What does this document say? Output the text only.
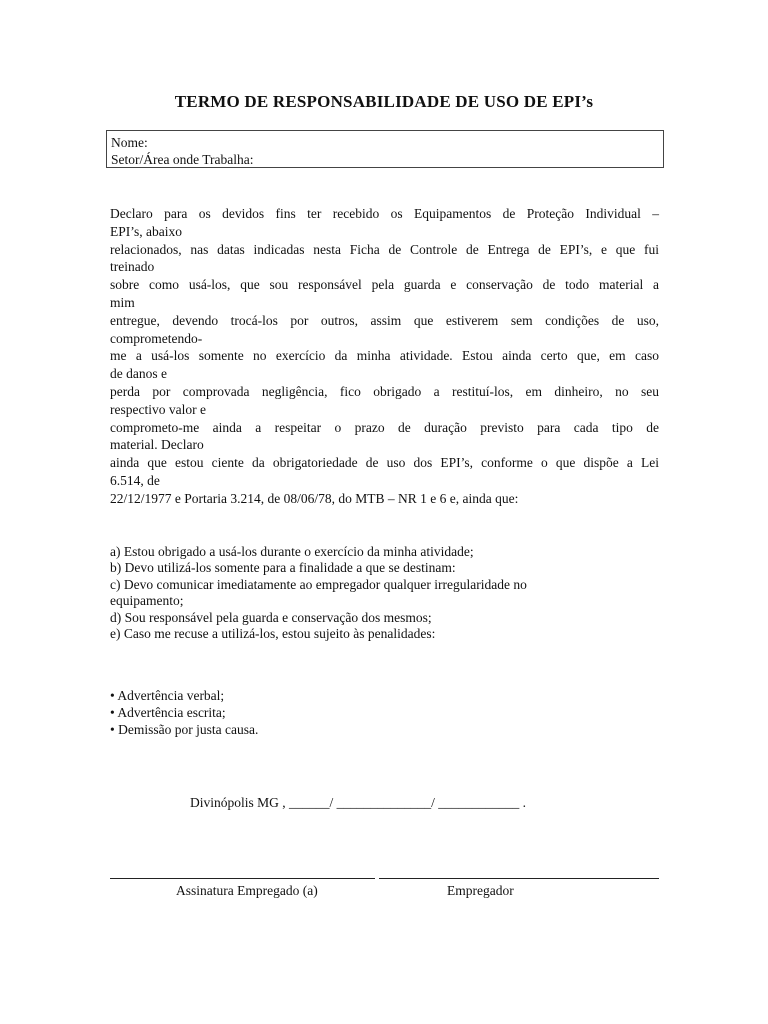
TERMO DE RESPONSABILIDADE DE USO DE EPI’s
Nome:
Setor/Área onde Trabalha:
Declaro para os devidos fins ter recebido os Equipamentos de Proteção Individual –
EPI’s, abaixo
relacionados, nas datas indicadas nesta Ficha de Controle de Entrega de EPI’s, e que fui
treinado
sobre como usá-los, que sou responsável pela guarda e conservação de todo material a
mim
entregue, devendo trocá-los por outros, assim que estiverem sem condições de uso,
comprometendo-
me a usá-los somente no exercício da minha atividade. Estou ainda certo que, em caso
de danos e
perda por comprovada negligência, fico obrigado a restituí-los, em dinheiro, no seu
respectivo valor e
comprometo-me ainda a respeitar o prazo de duração previsto para cada tipo de
material. Declaro
ainda que estou ciente da obrigatoriedade de uso dos EPI’s, conforme o que dispõe a Lei
6.514, de
22/12/1977 e Portaria 3.214, de 08/06/78, do MTB – NR 1 e 6 e, ainda que:
a) Estou obrigado a usá-los durante o exercício da minha atividade;
b) Devo utilizá-los somente para a finalidade a que se destinam:
c) Devo comunicar imediatamente ao empregador qualquer irregularidade no
equipamento;
d) Sou responsável pela guarda e conservação dos mesmos;
e) Caso me recuse a utilizá-los, estou sujeito às penalidades:
• Advertência verbal;
• Advertência escrita;
• Demissão por justa causa.
Divinópolis MG , ______/ ______________/ ____________ .
Assinatura Empregado (a)	Empregador
